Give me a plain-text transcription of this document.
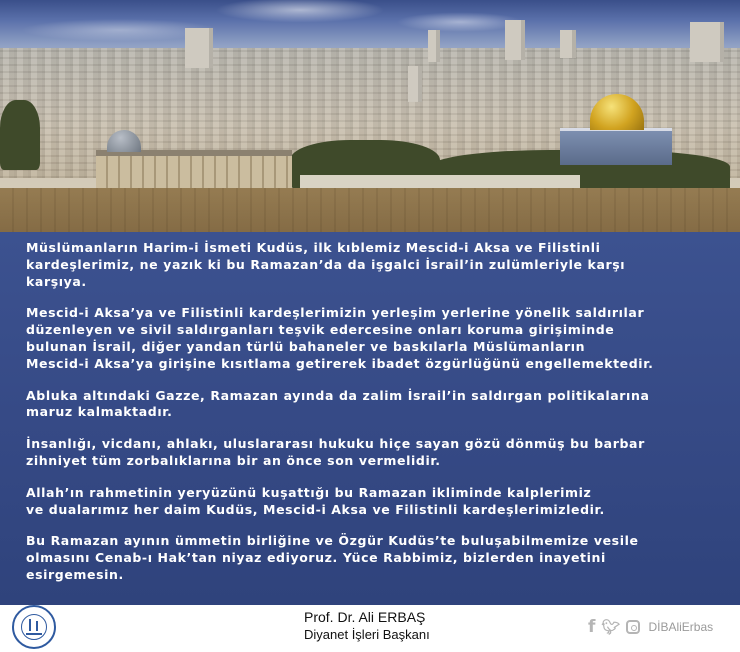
Müslümanların Harim-i İsmeti Kudüs, ilk kıblemiz Mescid-i Aksa ve Filistinli
kardeşlerimiz, ne yazık ki bu Ramazan’da da işgalci İsrail’in zulümleriyle karşı
karşıya.

Mescid-i Aksa’ya ve Filistinli kardeşlerimizin yerleşim yerlerine yönelik saldırılar
düzenleyen ve sivil saldırganları teşvik edercesine onları koruma girişiminde
bulunan İsrail, diğer yandan türlü bahaneler ve baskılarla Müslümanların
Mescid-i Aksa’ya girişine kısıtlama getirerek ibadet özgürlüğünü engellemektedir.

Abluka altındaki Gazze, Ramazan ayında da zalim İsrail’in saldırgan politikalarına
maruz kalmaktadır.

İnsanlığı, vicdanı, ahlakı, uluslararası hukuku hiçe sayan gözü dönmüş bu barbar
zihniyet tüm zorbalıklarına bir an önce son vermelidir.

Allah’ın rahmetinin yeryüzünü kuşattığı bu Ramazan ikliminde kalplerimiz
ve dualarımız her daim Kudüs, Mescid-i Aksa ve Filistinli kardeşlerimizledir.

Bu Ramazan ayının ümmetin birliğine ve Özgür Kudüs’te buluşabilmemize vesile
olmasını Cenab-ı Hak’tan niyaz ediyoruz. Yüce Rabbimiz, bizlerden inayetini
esirgemesin.

Prof. Dr. Ali ERBAŞ
Diyanet İşleri Başkanı	f 🐦︎ DİBAliErbas
